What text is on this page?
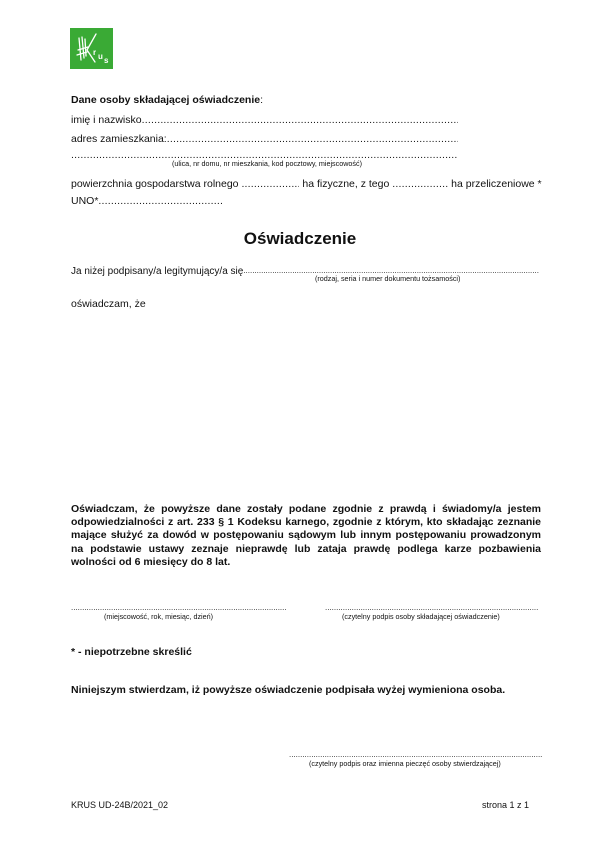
r u s
Dane osoby składającej oświadczenie:
imię i nazwisko
.....
adres zamieszkania:
.....
.....
(ulica, nr domu, nr mieszkania, kod pocztowy, miejscowość)
powierzchnia gospodarstwa rolnego .....	ha fizyczne, z tego .....	ha przeliczeniowe *
UNO*
.....
Oświadczenie
Ja niżej podpisany/a legitymujący/a się
.....
(rodzaj, seria i numer dokumentu tożsamości)
oświadczam, że
Oświadczam, że powyższe dane zostały podane zgodnie z prawdą i świadomy/a jestem odpowiedzialności z art. 233 § 1 Kodeksu karnego, zgodnie z którym, kto składając zeznanie mające służyć za dowód w postępowaniu sądowym lub innym postępowaniu prowadzonym na podstawie ustawy zeznaje nieprawdę lub zataja prawdę podlega karze pozbawienia wolności od 6 miesięcy do 8 lat.
.....
(miejscowość, rok, miesiąc, dzień)
.....	(czytelny podpis osoby składającej oświadczenie)
* - niepotrzebne skreślić
Niniejszym stwierdzam, iż powyższe oświadczenie podpisała wyżej wymieniona osoba.
.....
(czytelny podpis oraz imienna pieczęć osoby stwierdzającej)
KRUS UD-24B/2021_02	strona 1 z 1
